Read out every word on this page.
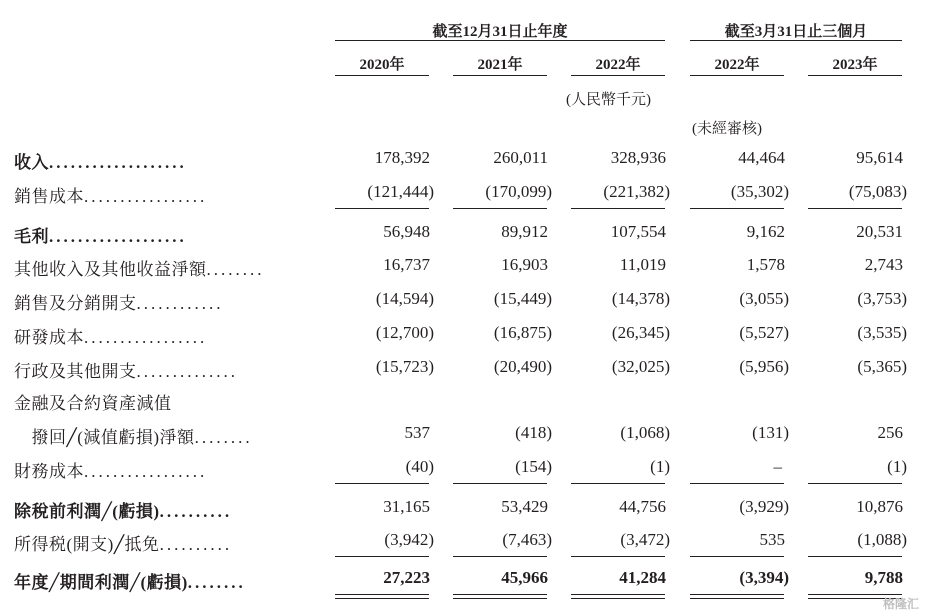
截至12月31日止年度	截至3月31日止三個月
2020年	2021年	2022年	2022年	2023年
(人民幣千元)
(未經審核)
收入...................	178,392	260,011	328,936	44,464	95,614
銷售成本.................	(121,444)	(170,099)	(221,382)	(35,302)	(75,083)
毛利...................	56,948	89,912	107,554	9,162	20,531
其他收入及其他收益淨額........	16,737	16,903	11,019	1,578	2,743
銷售及分銷開支............	(14,594)	(15,449)	(14,378)	(3,055)	(3,753)
研發成本.................	(12,700)	(16,875)	(26,345)	(5,527)	(3,535)
行政及其他開支..............	(15,723)	(20,490)	(32,025)	(5,956)	(5,365)
金融及合約資產減值
　撥回╱(減值虧損)淨額........	537	(418)	(1,068)	(131)	256
財務成本.................	(40)	(154)	(1)	–	(1)
除稅前利潤╱(虧損)..........	31,165	53,429	44,756	(3,929)	10,876
所得税(開支)╱抵免..........	(3,942)	(7,463)	(3,472)	535	(1,088)
年度╱期間利潤╱(虧損)........	27,223	45,966	41,284	(3,394)	9,788
格隆汇
